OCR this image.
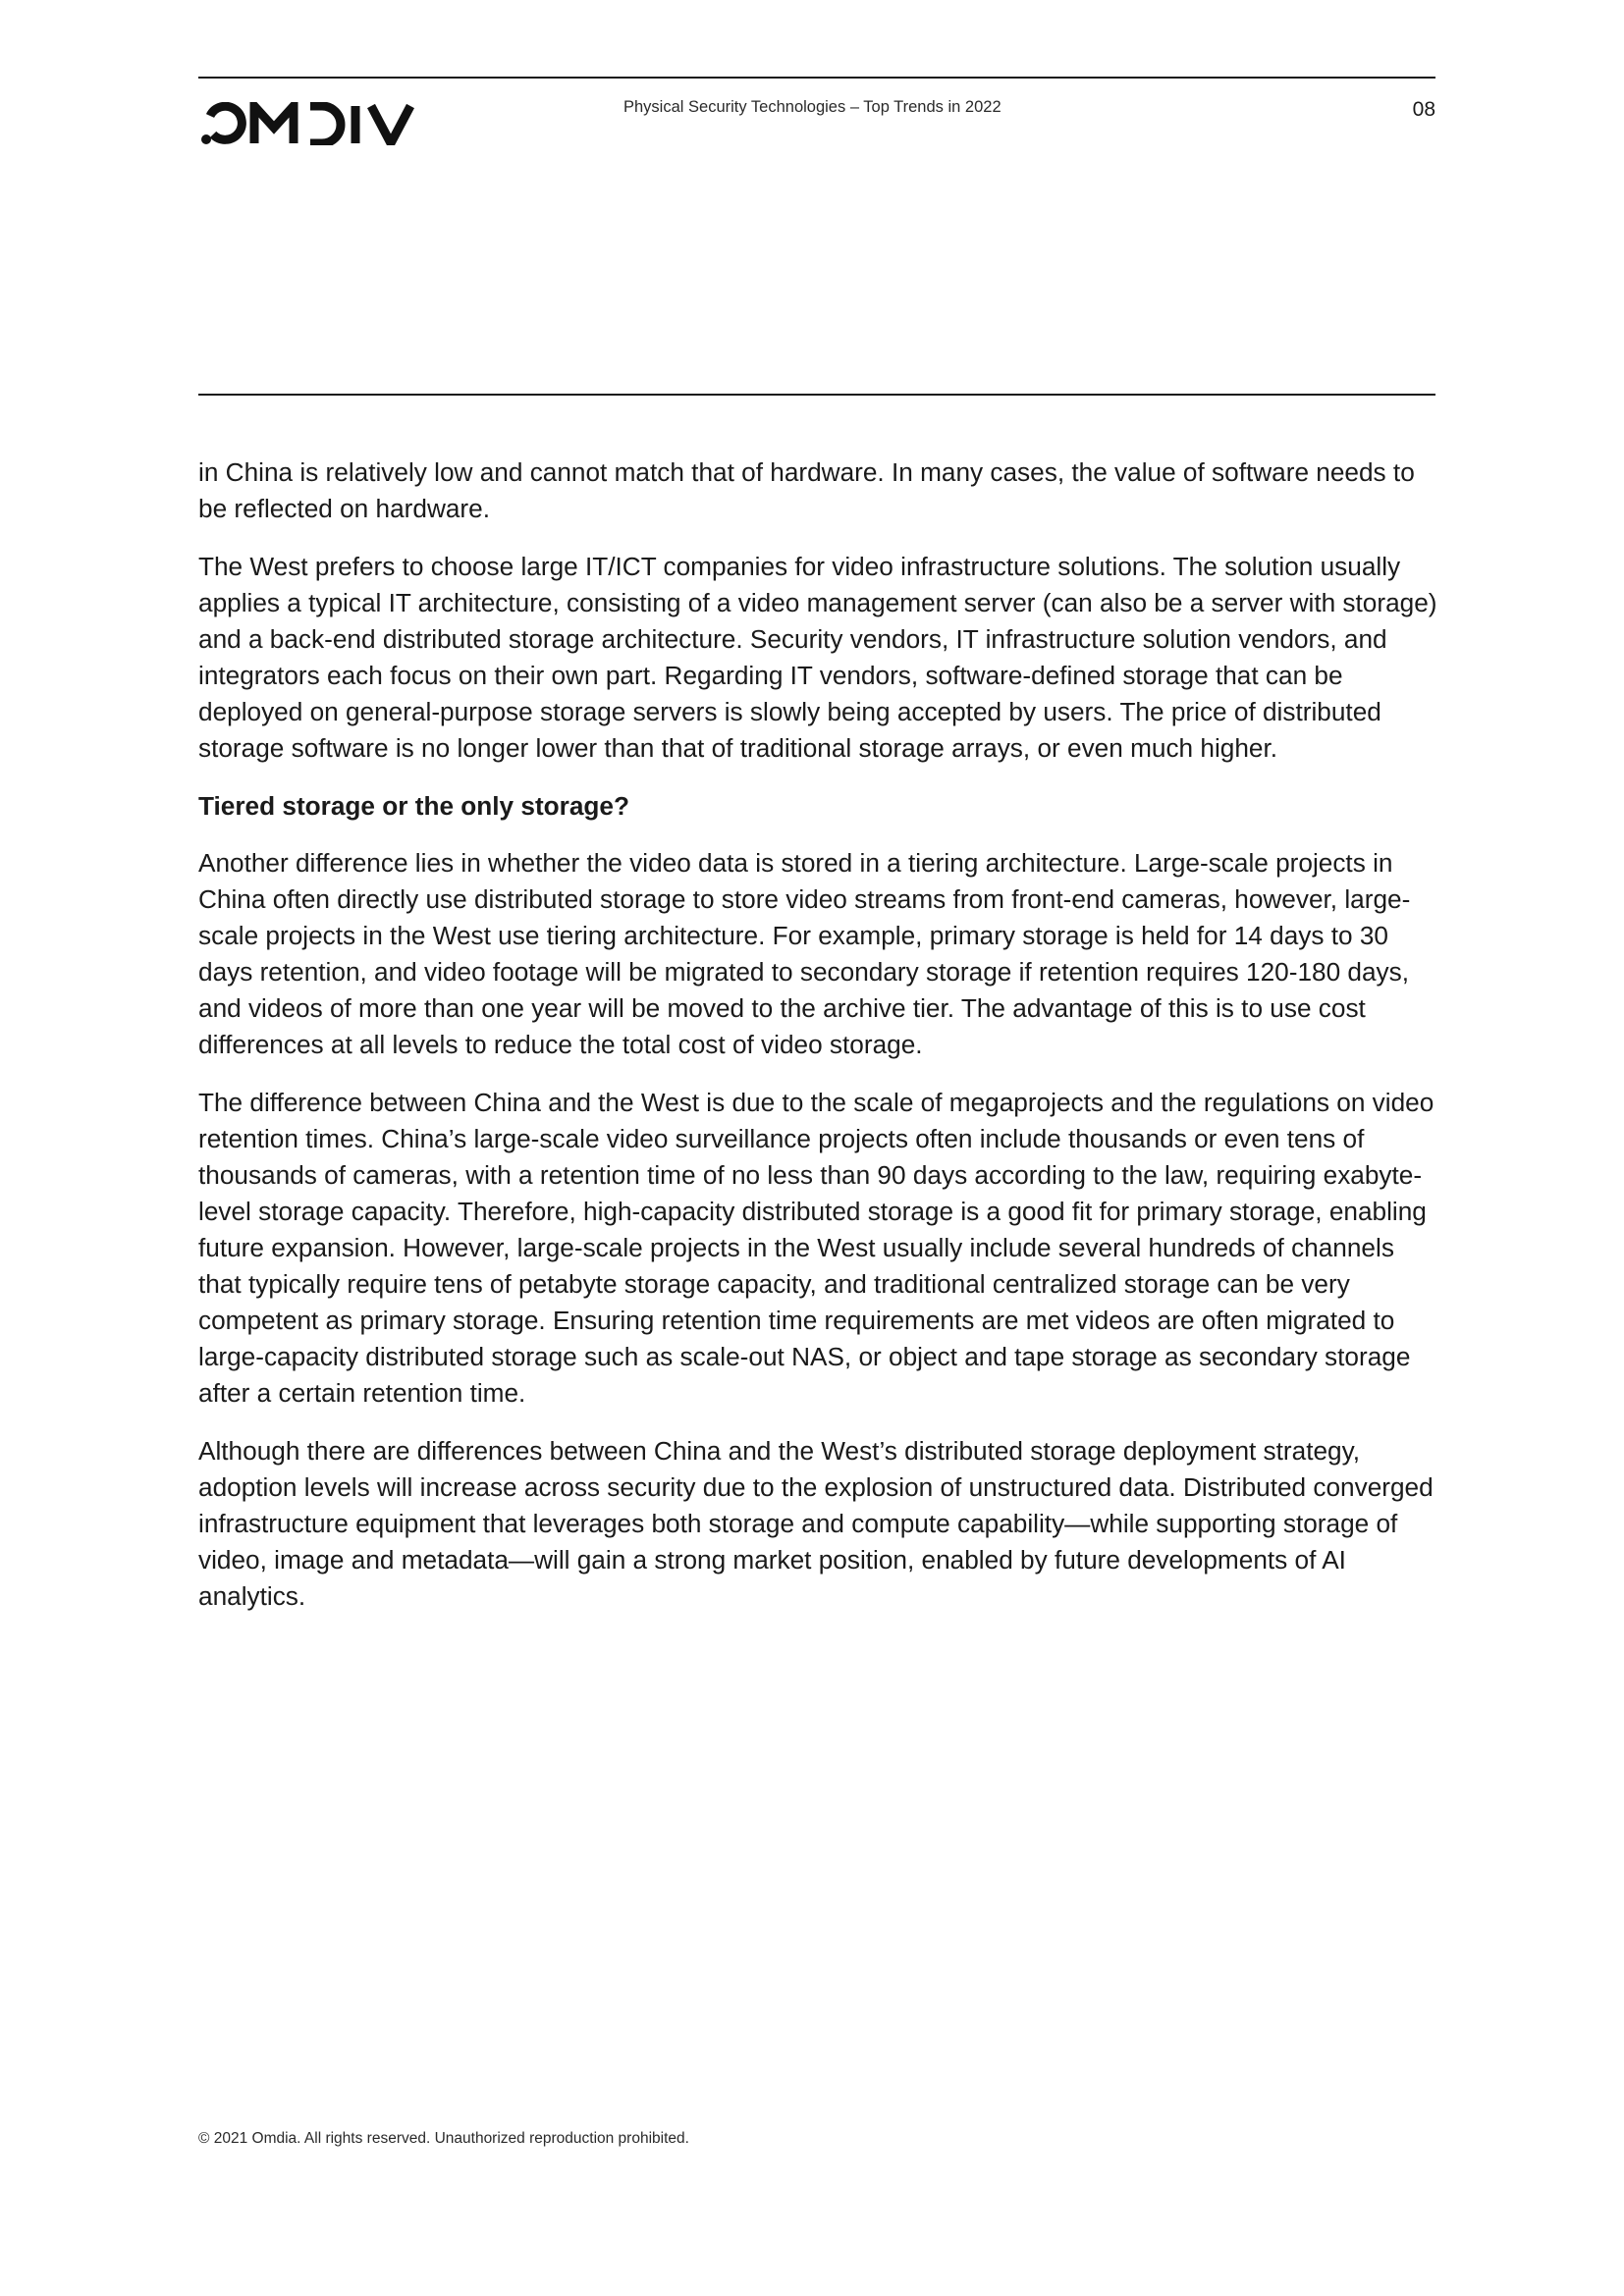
Physical Security Technologies – Top Trends in 2022	08

in China is relatively low and cannot match that of hardware. In many cases, the value of software needs to be reflected on hardware.

The West prefers to choose large IT/ICT companies for video infrastructure solutions. The solution usually applies a typical IT architecture, consisting of a video management server (can also be a server with storage) and a back-end distributed storage architecture. Security vendors, IT infrastructure solution vendors, and integrators each focus on their own part. Regarding IT vendors, software-defined storage that can be deployed on general-purpose storage servers is slowly being accepted by users. The price of distributed storage software is no longer lower than that of traditional storage arrays, or even much higher.

Tiered storage or the only storage?

Another difference lies in whether the video data is stored in a tiering architecture. Large-scale projects in China often directly use distributed storage to store video streams from front-end cameras, however, large-scale projects in the West use tiering architecture. For example, primary storage is held for 14 days to 30 days retention, and video footage will be migrated to secondary storage if retention requires 120-180 days, and videos of more than one year will be moved to the archive tier. The advantage of this is to use cost differences at all levels to reduce the total cost of video storage.

The difference between China and the West is due to the scale of megaprojects and the regulations on video retention times. China’s large-scale video surveillance projects often include thousands or even tens of thousands of cameras, with a retention time of no less than 90 days according to the law, requiring exabyte-level storage capacity. Therefore, high-capacity distributed storage is a good fit for primary storage, enabling future expansion. However, large-scale projects in the West usually include several hundreds of channels that typically require tens of petabyte storage capacity, and traditional centralized storage can be very competent as primary storage. Ensuring retention time requirements are met videos are often migrated to large-capacity distributed storage such as scale-out NAS, or object and tape storage as secondary storage after a certain retention time.

Although there are differences between China and the West’s distributed storage deployment strategy, adoption levels will increase across security due to the explosion of unstructured data. Distributed converged infrastructure equipment that leverages both storage and compute capability—while supporting storage of video, image and metadata—will gain a strong market position, enabled by future developments of AI analytics.

© 2021 Omdia. All rights reserved. Unauthorized reproduction prohibited.
